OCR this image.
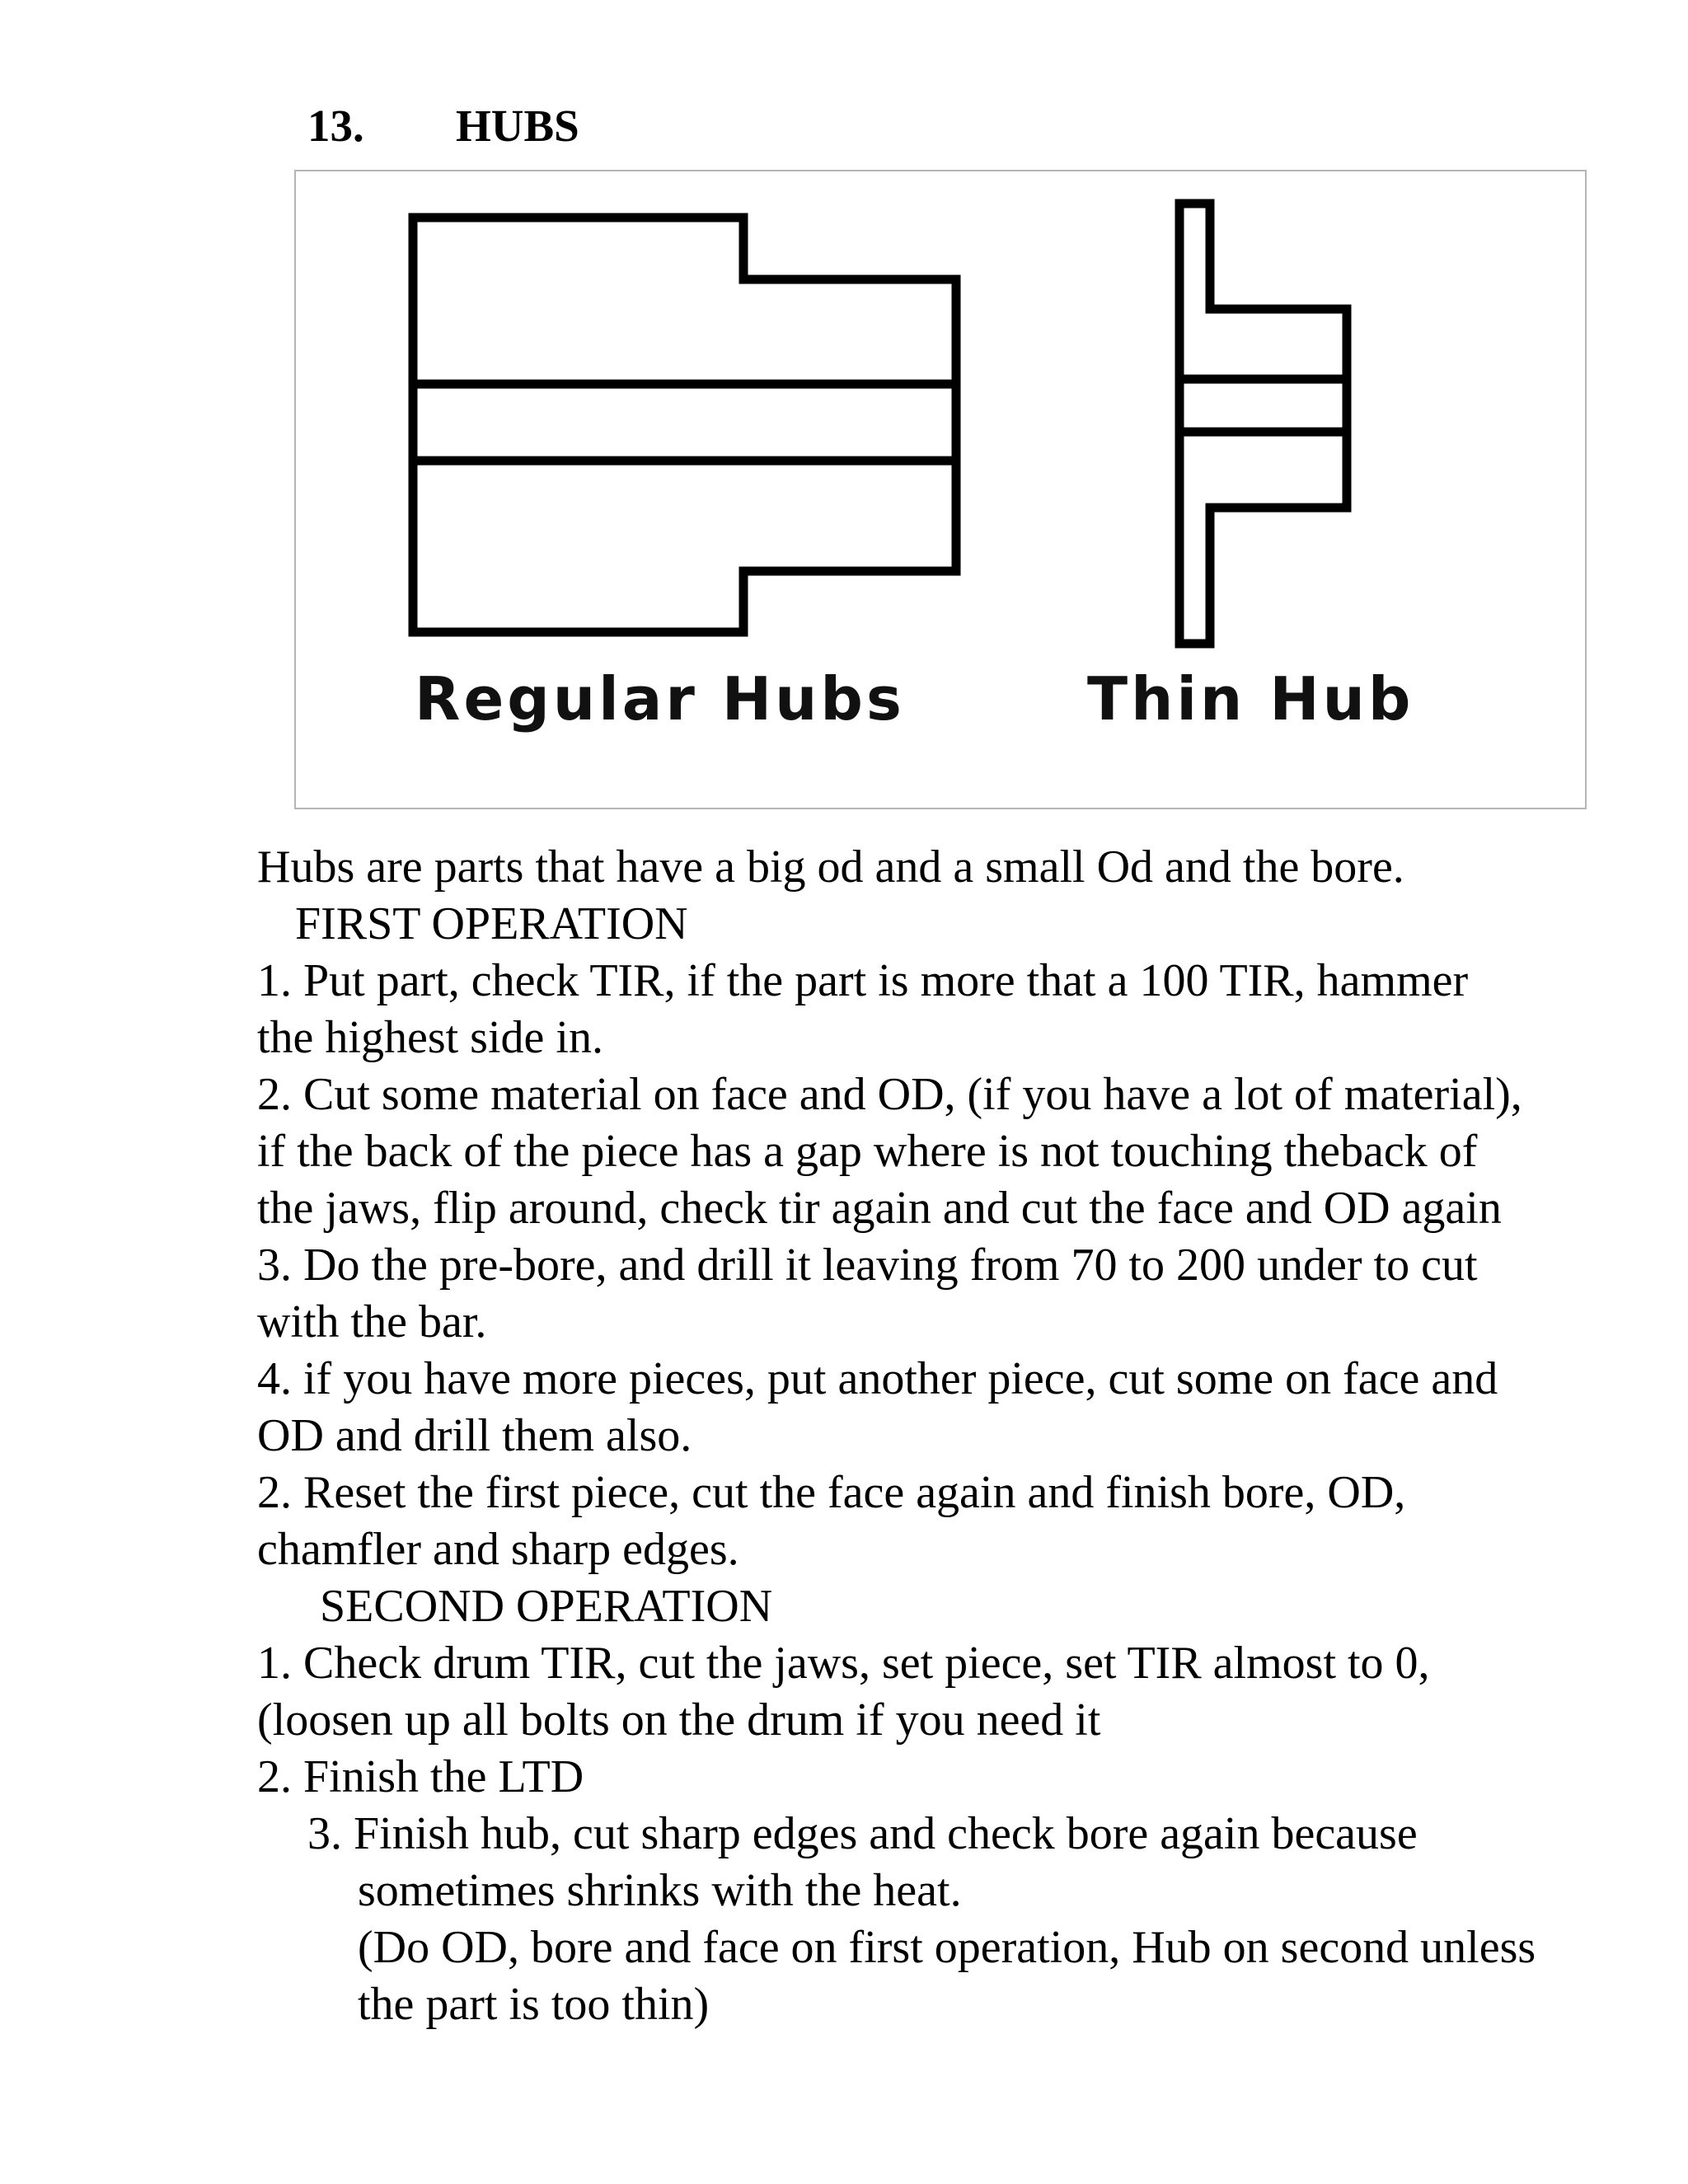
13. HUBS
Regular Hubs	Thin Hub

Hubs are parts that have a big od and a small Od and the bore.

FIRST OPERATION

1. Put part, check TIR, if the part is more that a 100 TIR, hammer

the highest side in.

2. Cut some material on face and OD, (if you have a lot of material),

if the back of the piece has a gap where is not touching theback of

the jaws, flip around, check tir again and cut the face and OD again

3. Do the pre-bore, and drill it leaving from 70 to 200 under to cut

with the bar.

4. if you have more pieces, put another piece, cut some on face and

OD and drill them also.

2. Reset the first piece, cut the face again and finish bore, OD,

chamfler and sharp edges.

SECOND OPERATION

1. Check drum TIR, cut the jaws, set piece, set TIR almost to 0,

(loosen up all bolts on the drum if you need it

2. Finish the LTD

3. Finish hub, cut sharp edges and check bore again because
sometimes shrinks with the heat.

(Do OD, bore and face on first operation, Hub on second unless

the part is too thin)
